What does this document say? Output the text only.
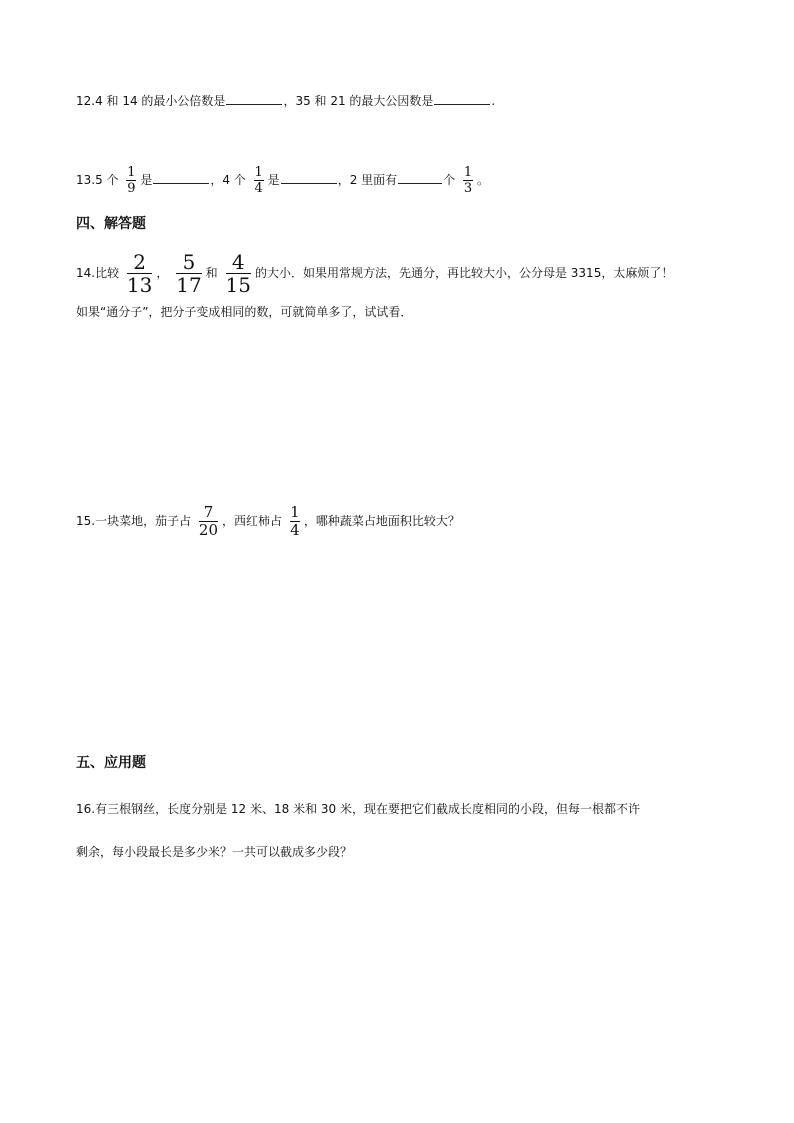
12.4 和 14 的最小公倍数是	，35 和 21 的最大公因数是	.
13.5 个 $\frac{1}{9}$ 是	，4 个 $\frac{1}{4}$ 是	，2 里面有	个 $\frac{1}{3}$ 。
四、解答题
14.比较 $\frac{2}{13}$ ， $\frac{5}{17}$ 和 $\frac{4}{15}$ 的大小．如果用常规方法，先通分，再比较大小，公分母是 3315，太麻烦了！
如果“通分子”，把分子变成相同的数，可就简单多了，试试看．
15.一块菜地，茄子占 $\frac{7}{20}$ ，西红柿占 $\frac{1}{4}$ ，哪种蔬菜占地面积比较大？
五、应用题
16.有三根钢丝，长度分别是 12 米、18 米和 30 米，现在要把它们截成长度相同的小段，但每一根都不许
剩余，每小段最长是多少米？一共可以截成多少段？
